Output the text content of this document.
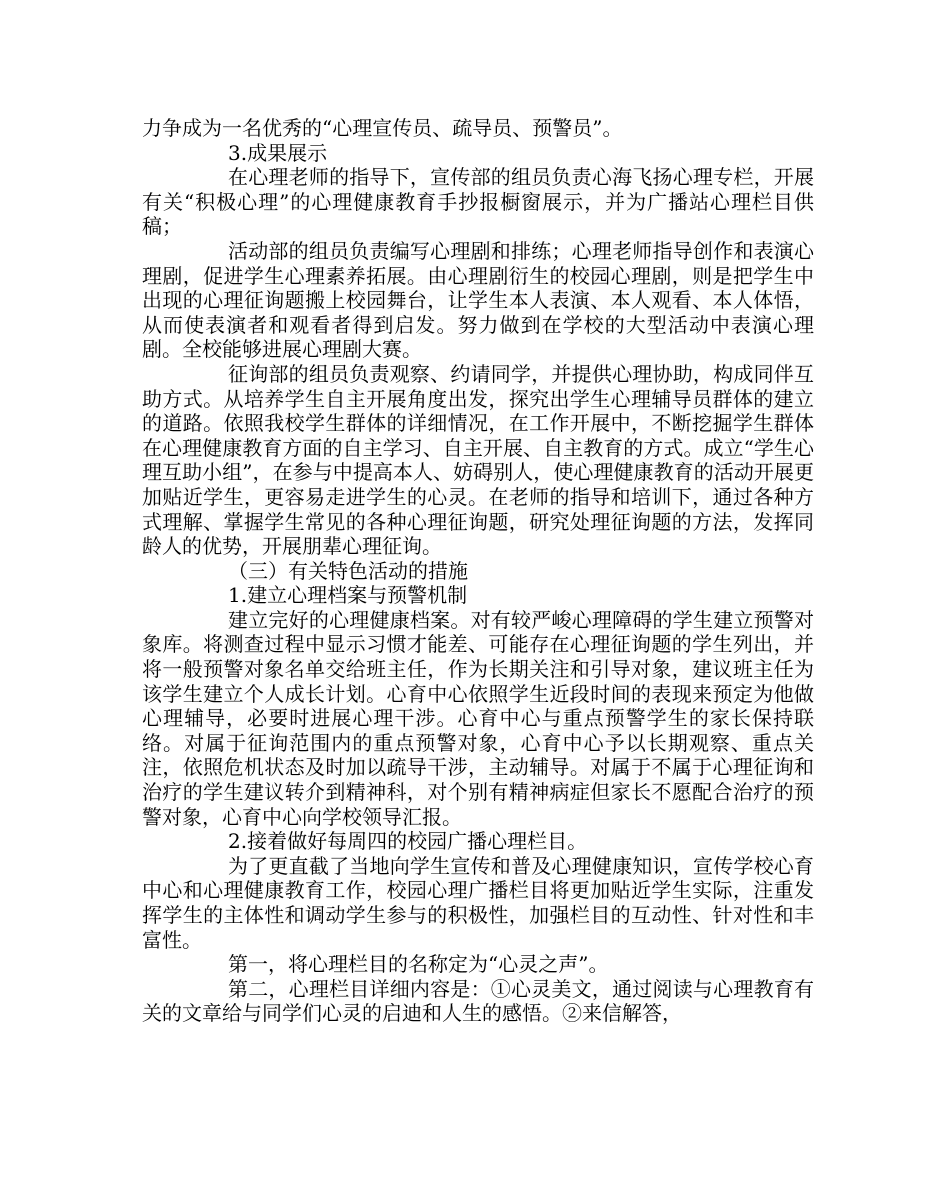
力争成为一名优秀的“心理宣传员、疏导员、预警员”。

3.成果展示

在心理老师的指导下，宣传部的组员负责心海飞扬心理专栏，开展有关“积极心理”的心理健康教育手抄报橱窗展示，并为广播站心理栏目供稿；

活动部的组员负责编写心理剧和排练；心理老师指导创作和表演心理剧，促进学生心理素养拓展。由心理剧衍生的校园心理剧，则是把学生中出现的心理征询题搬上校园舞台，让学生本人表演、本人观看、本人体悟，从而使表演者和观看者得到启发。努力做到在学校的大型活动中表演心理剧。全校能够进展心理剧大赛。

征询部的组员负责观察、约请同学，并提供心理协助，构成同伴互助方式。从培养学生自主开展角度出发，探究出学生心理辅导员群体的建立的道路。依照我校学生群体的详细情况，在工作开展中，不断挖掘学生群体在心理健康教育方面的自主学习、自主开展、自主教育的方式。成立“学生心理互助小组”，在参与中提高本人、妨碍别人，使心理健康教育的活动开展更加贴近学生，更容易走进学生的心灵。在老师的指导和培训下，通过各种方式理解、掌握学生常见的各种心理征询题，研究处理征询题的方法，发挥同龄人的优势，开展朋辈心理征询。

（三）有关特色活动的措施

1.建立心理档案与预警机制

建立完好的心理健康档案。对有较严峻心理障碍的学生建立预警对象库。将测查过程中显示习惯才能差、可能存在心理征询题的学生列出，并将一般预警对象名单交给班主任，作为长期关注和引导对象，建议班主任为该学生建立个人成长计划。心育中心依照学生近段时间的表现来预定为他做心理辅导，必要时进展心理干涉。心育中心与重点预警学生的家长保持联络。对属于征询范围内的重点预警对象，心育中心予以长期观察、重点关注，依照危机状态及时加以疏导干涉，主动辅导。对属于不属于心理征询和治疗的学生建议转介到精神科，对个别有精神病症但家长不愿配合治疗的预警对象，心育中心向学校领导汇报。

2.接着做好每周四的校园广播心理栏目。

为了更直截了当地向学生宣传和普及心理健康知识，宣传学校心育中心和心理健康教育工作，校园心理广播栏目将更加贴近学生实际，注重发挥学生的主体性和调动学生参与的积极性，加强栏目的互动性、针对性和丰富性。

第一，将心理栏目的名称定为“心灵之声”。

第二，心理栏目详细内容是：①心灵美文，通过阅读与心理教育有关的文章给与同学们心灵的启迪和人生的感悟。②来信解答，
